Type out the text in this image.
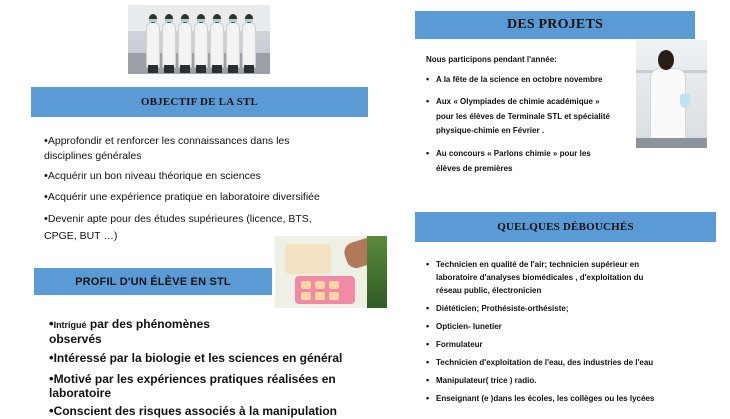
OBJECTIF DE LA STL
•Approfondir et renforcer les connaissances dans les
disciplines générales
•Acquérir un bon niveau théorique en sciences
•Acquérir une expérience pratique en laboratoire diversifiée
•Devenir apte pour des études supérieures (licence, BTS,
CPGE, BUT …)
PROFIL D'UN ÉLÈVE EN STL
•Intrigué par des phénomènes
observés
•Intéressé par la biologie et les sciences en général
•Motivé par les expériences pratiques réalisées en
laboratoire
•Conscient des risques associés à la manipulation
DES PROJETS
Nous participons pendant l'année:
• A la fête de la science en octobre novembre
• Aux « Olympiades de chimie académique »
pour les élèves de Terminale STL et spécialité
physique-chimie en Février .
• Au concours « Parlons chimie » pour les
élèves de premières
QUELQUES DÉBOUCHÉS
• Technicien en qualité de l'air; technicien supérieur en
laboratoire d'analyses biomédicales , d'exploitation du
réseau public, électronicien
• Diététicien; Prothésiste-orthésiste;
• Opticien- lunetier
• Formulateur
• Technicien d'exploitation de l'eau, des industries de l'eau
• Manipulateur( trice ) radio.
• Enseignant (e )dans les écoles, les collèges ou les lycées
